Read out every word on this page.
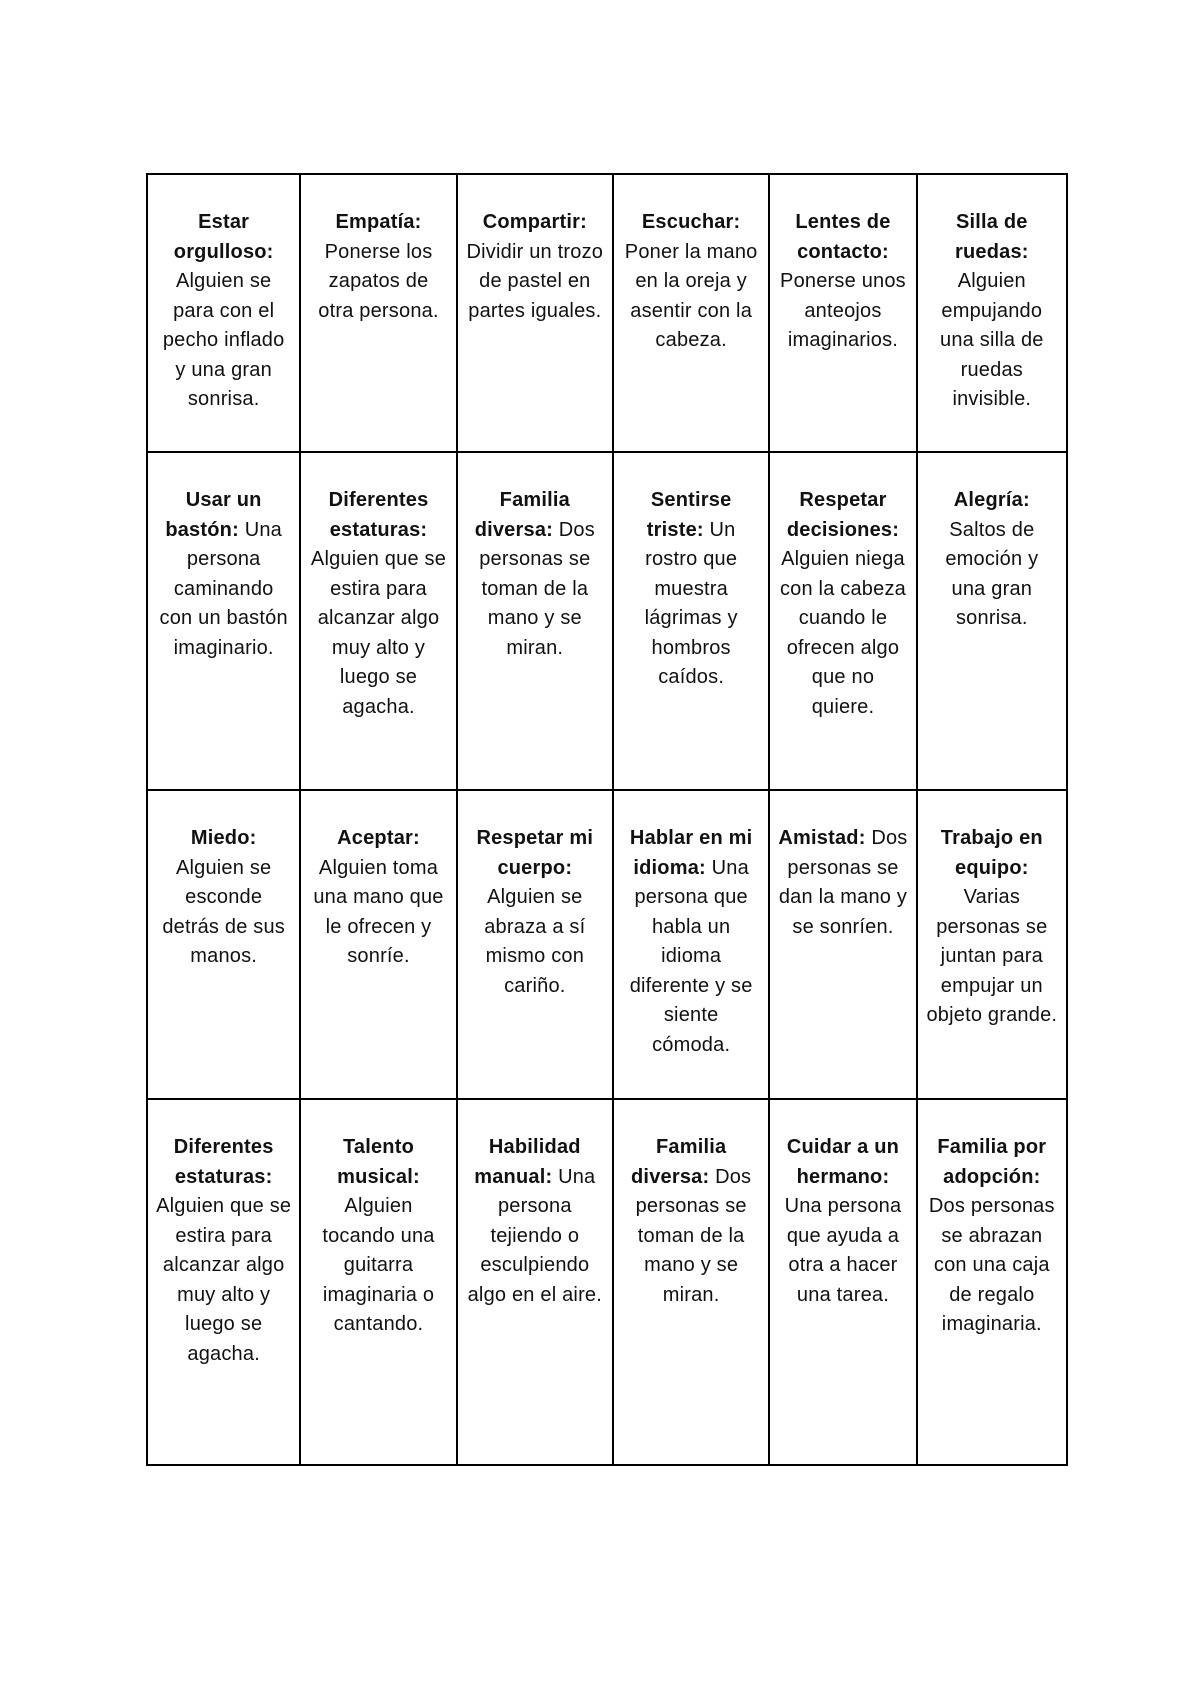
Estar orgulloso: Alguien se para con el pecho inflado y una gran sonrisa.	Empatía: Ponerse los zapatos de otra persona.	Compartir: Dividir un trozo de pastel en partes iguales.	Escuchar: Poner la mano en la oreja y asentir con la cabeza.	Lentes de contacto: Ponerse unos anteojos imaginarios.	Silla de ruedas: Alguien empujando una silla de ruedas invisible.
Usar un bastón: Una persona caminando con un bastón imaginario.	Diferentes estaturas: Alguien que se estira para alcanzar algo muy alto y luego se agacha.	Familia diversa: Dos personas se toman de la mano y se miran.	Sentirse triste: Un rostro que muestra lágrimas y hombros caídos.	Respetar decisiones: Alguien niega con la cabeza cuando le ofrecen algo que no quiere.	Alegría: Saltos de emoción y una gran sonrisa.
Miedo: Alguien se esconde detrás de sus manos.	Aceptar: Alguien toma una mano que le ofrecen y sonríe.	Respetar mi cuerpo: Alguien se abraza a sí mismo con cariño.	Hablar en mi idioma: Una persona que habla un idioma diferente y se siente cómoda.	Amistad: Dos personas se dan la mano y se sonríen.	Trabajo en equipo: Varias personas se juntan para empujar un objeto grande.
Diferentes estaturas: Alguien que se estira para alcanzar algo muy alto y luego se agacha.	Talento musical: Alguien tocando una guitarra imaginaria o cantando.	Habilidad manual: Una persona tejiendo o esculpiendo algo en el aire.	Familia diversa: Dos personas se toman de la mano y se miran.	Cuidar a un hermano: Una persona que ayuda a otra a hacer una tarea.	Familia por adopción: Dos personas se abrazan con una caja de regalo imaginaria.
